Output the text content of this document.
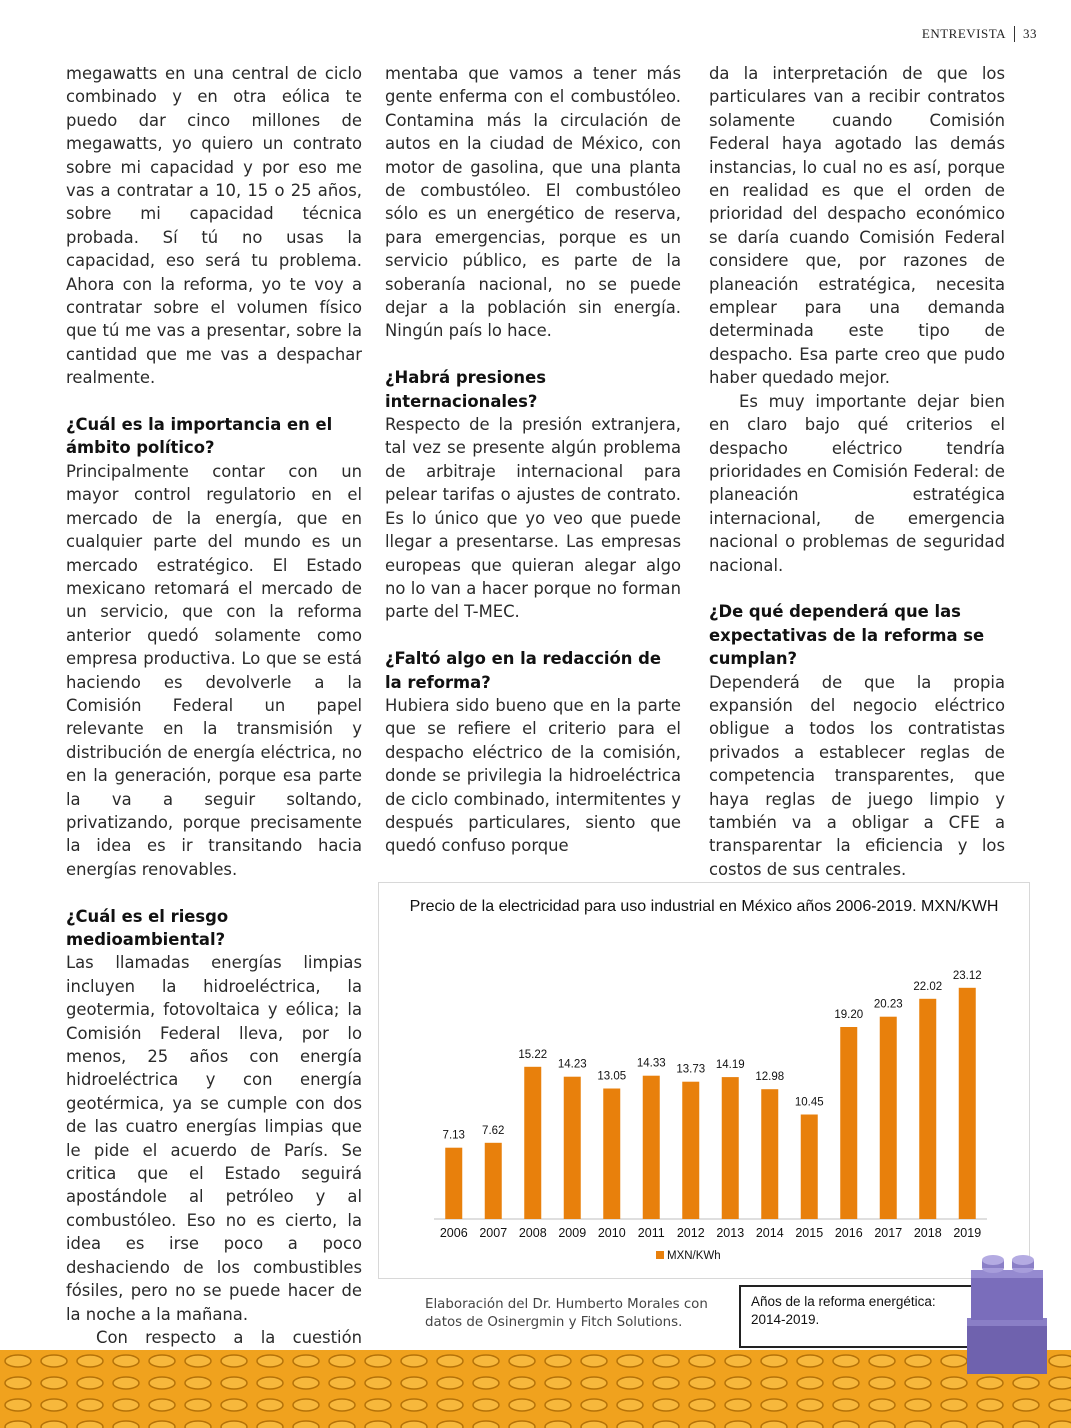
ENTREVISTA 33

megawatts en una central de ciclo combinado y en otra eólica te puedo dar cinco millones de megawatts, yo quiero un contrato sobre mi capacidad y por eso me vas a contratar a 10, 15 o 25 años, sobre mi capacidad técnica probada. Sí tú no usas la capacidad, eso será tu problema. Ahora con la reforma, yo te voy a contratar sobre el volumen físico que tú me vas a presentar, sobre la cantidad que me vas a despachar realmente.

¿Cuál es la importancia en el ámbito político?

Principalmente contar con un mayor control regulatorio en el mercado de la energía, que en cualquier parte del mundo es un mercado estratégico. El Estado mexicano retomará el mercado de un servicio, que con la reforma anterior quedó solamente como empresa productiva. Lo que se está haciendo es devolverle a la Comisión Federal un papel relevante en la transmisión y distribución de energía eléctrica, no en la generación, porque esa parte la va a seguir soltando, privatizando, porque precisamente la idea es ir transitando hacia energías renovables.

¿Cuál es el riesgo medioambiental?

Las llamadas energías limpias incluyen la hidroeléctrica, la geotermia, fotovoltaica y eólica; la Comisión Federal lleva, por lo menos, 25 años con energía hidroeléctrica y con energía geotérmica, ya se cumple con dos de las cuatro energías limpias que le pide el acuerdo de París. Se critica que el Estado seguirá apostándole al petróleo y al combustóleo. Eso no es cierto, la idea es irse poco a poco deshaciendo de los combustibles fósiles, pero no se puede hacer de la noche a la mañana.

Con respecto a la cuestión

mentaba que vamos a tener más gente enferma con el combustóleo. Contamina más la circulación de autos en la ciudad de México, con motor de gasolina, que una planta de combustóleo. El combustóleo sólo es un energético de reserva, para emergencias, porque es un servicio público, es parte de la soberanía nacional, no se puede dejar a la población sin energía. Ningún país lo hace.

¿Habrá presiones internacionales?

Respecto de la presión extranjera, tal vez se presente algún problema de arbitraje internacional para pelear tarifas o ajustes de contrato. Es lo único que yo veo que puede llegar a presentarse. Las empresas europeas que quieran alegar algo no lo van a hacer porque no forman parte del T-MEC.

¿Faltó algo en la redacción de la reforma?

Hubiera sido bueno que en la parte que se refiere el criterio para el despacho eléctrico de la comisión, donde se privilegia la hidroeléctrica de ciclo combinado, intermitentes y después particulares, siento que quedó confuso porque

da la interpretación de que los particulares van a recibir contratos solamente cuando Comisión Federal haya agotado las demás instancias, lo cual no es así, porque en realidad es que el orden de prioridad del despacho económico se daría cuando Comisión Federal considere que, por razones de planeación estratégica, necesita emplear para una demanda determinada este tipo de despacho. Esa parte creo que pudo haber quedado mejor.

Es muy importante dejar bien en claro bajo qué criterios el despacho eléctrico tendría prioridades en Comisión Federal: de planeación estratégica internacional, de emergencia nacional o problemas de seguridad nacional.

¿De qué dependerá que las expectativas de la reforma se cumplan?

Dependerá de que la propia expansión del negocio eléctrico obligue a todos los contratistas privados a establecer reglas de competencia transparentes, que haya reglas de juego limpio y también va a obligar a CFE a transparentar la eficiencia y los costos de sus centrales.

Precio de la electricidad para uso industrial en México años 2006-2019. MXN/KWH
7.13
2006
7.62
2007
15.22
2008
14.23
2009
13.05
2010
14.33
2011
13.73
2012
14.19
2013
12.98
2014
10.45
2015
19.20
2016
20.23
2017
22.02
2018
23.12
2019
MXN/KWh
Elaboración del Dr. Humberto Morales con datos de Osinergmin y Fitch Solutions.
Años de la reforma energética: 2014-2019.
